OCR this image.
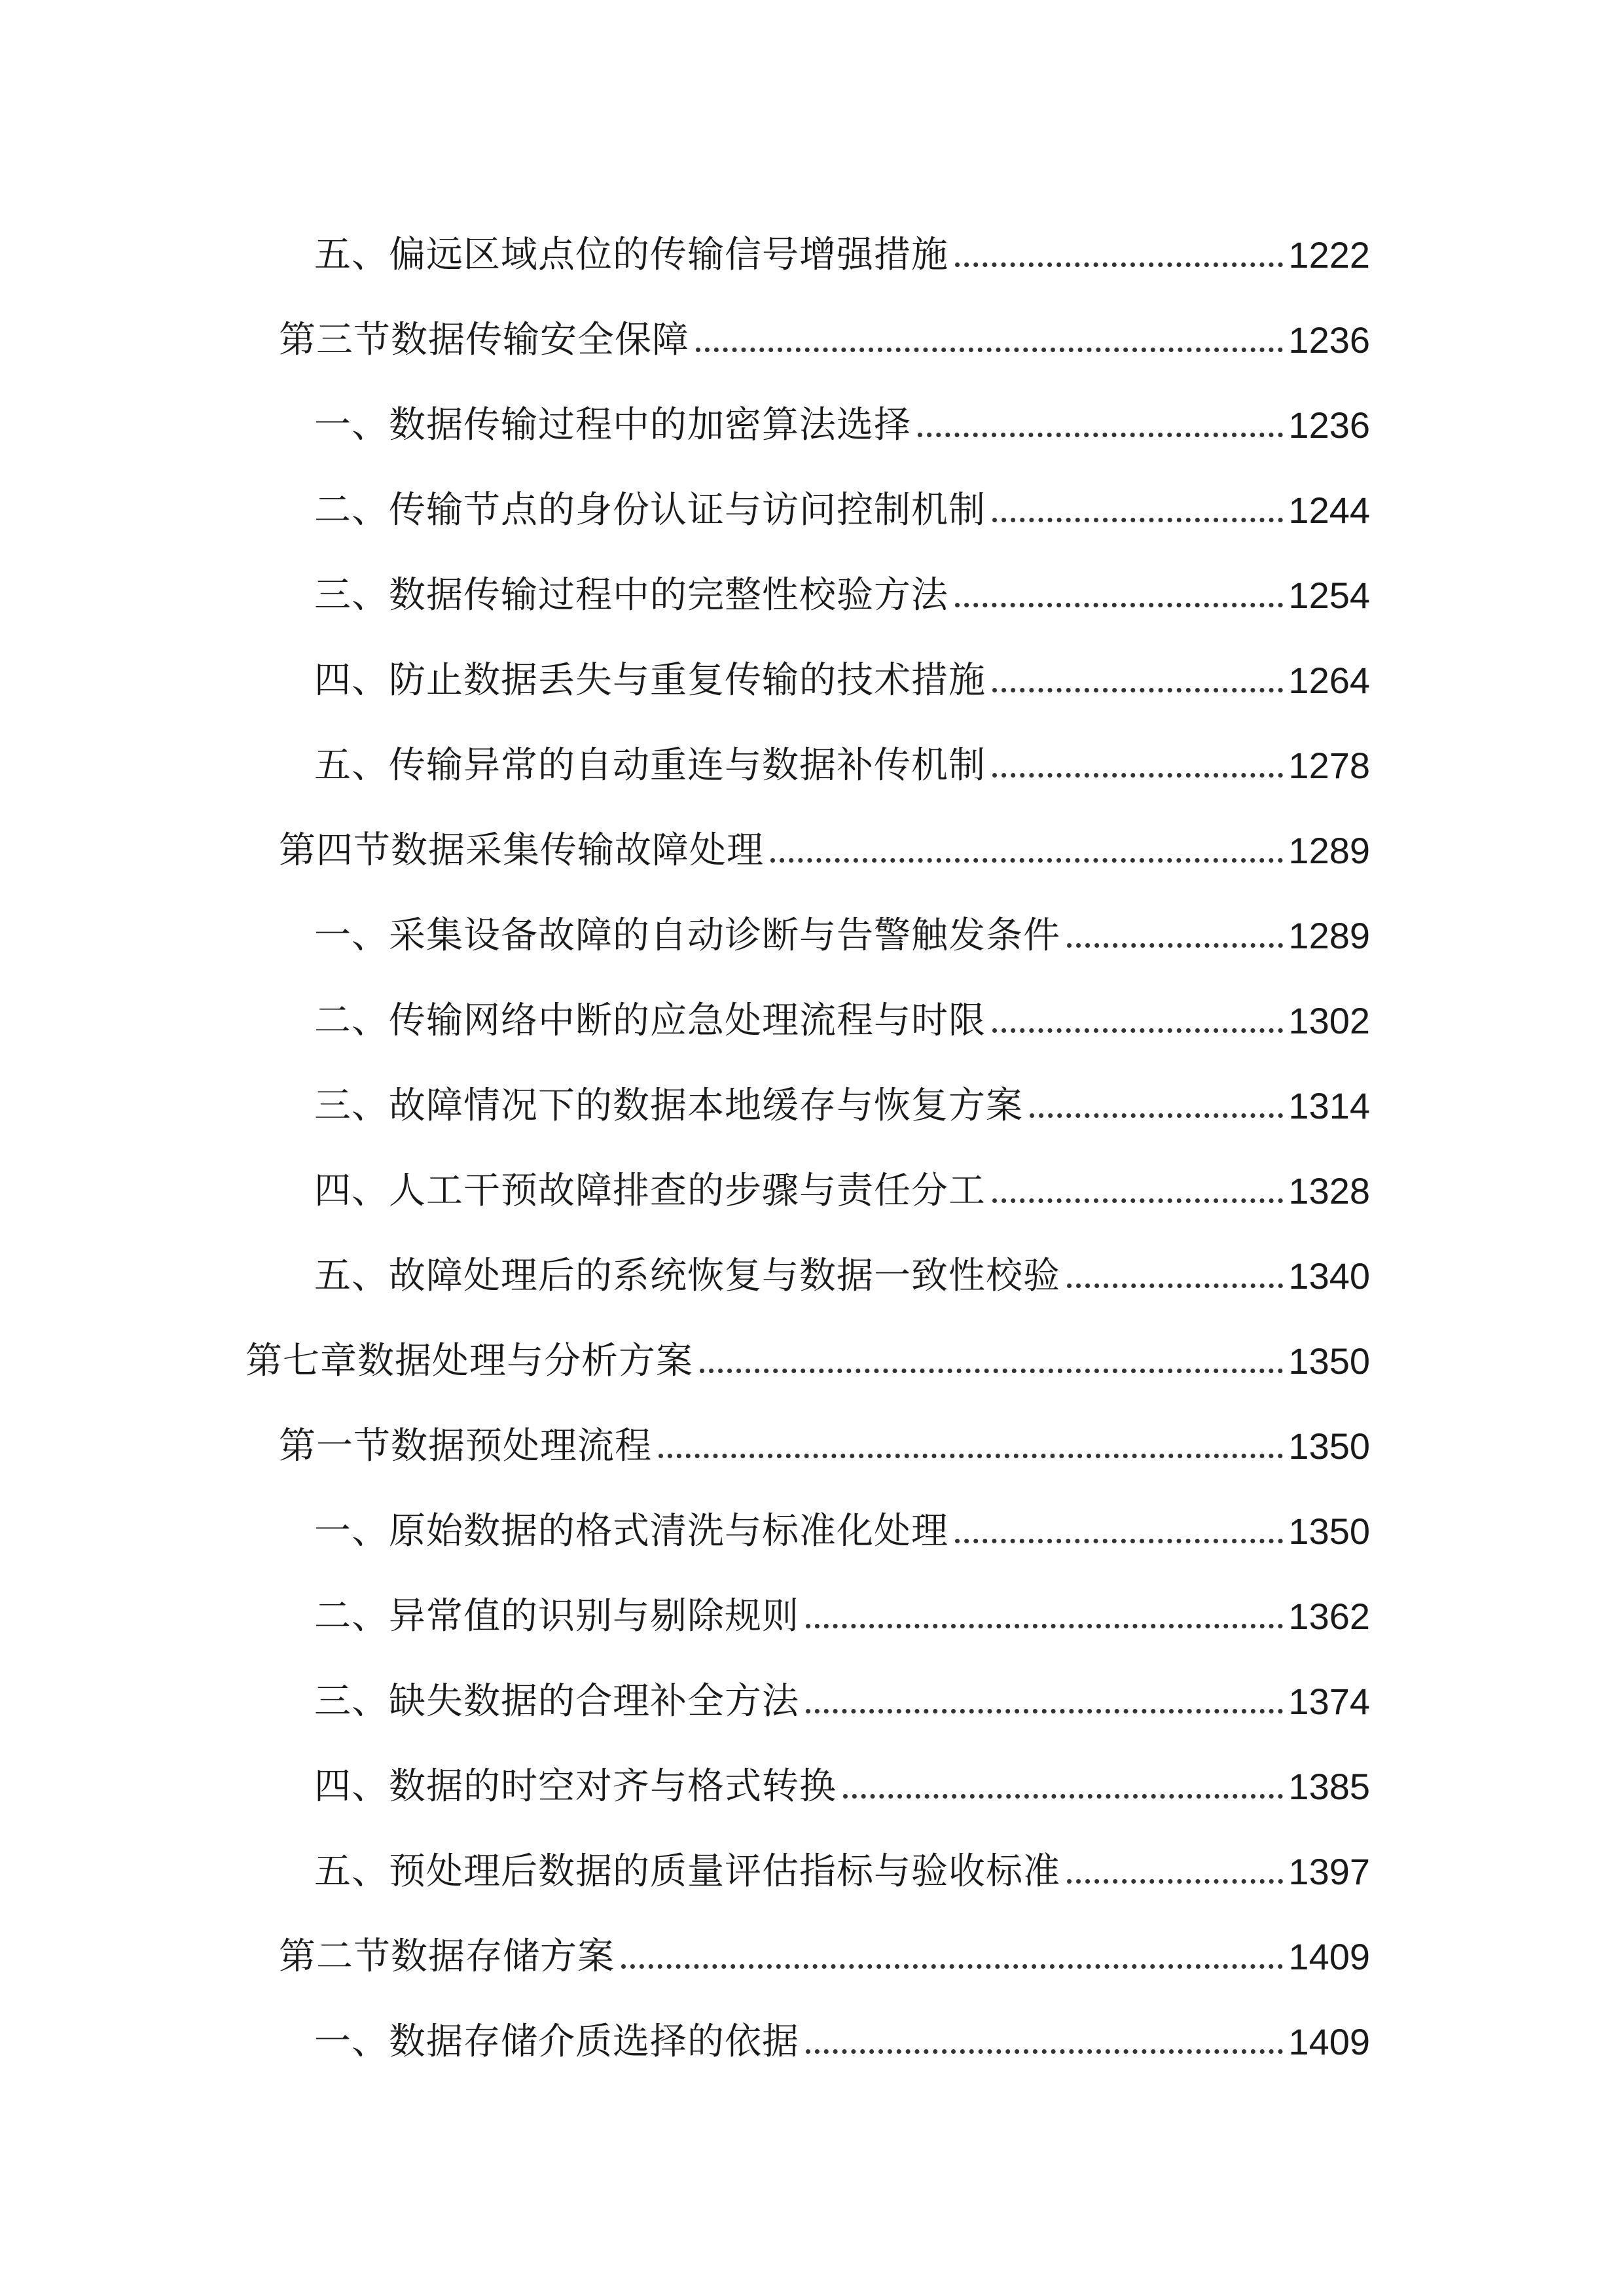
五、偏远区域点位的传输信号增强措施	1222
第三节数据传输安全保障	1236
一、数据传输过程中的加密算法选择	1236
二、传输节点的身份认证与访问控制机制	1244
三、数据传输过程中的完整性校验方法	1254
四、防止数据丢失与重复传输的技术措施	1264
五、传输异常的自动重连与数据补传机制	1278
第四节数据采集传输故障处理	1289
一、采集设备故障的自动诊断与告警触发条件	1289
二、传输网络中断的应急处理流程与时限	1302
三、故障情况下的数据本地缓存与恢复方案	1314
四、人工干预故障排查的步骤与责任分工	1328
五、故障处理后的系统恢复与数据一致性校验	1340
第七章数据处理与分析方案	1350
第一节数据预处理流程	1350
一、原始数据的格式清洗与标准化处理	1350
二、异常值的识别与剔除规则	1362
三、缺失数据的合理补全方法	1374
四、数据的时空对齐与格式转换	1385
五、预处理后数据的质量评估指标与验收标准	1397
第二节数据存储方案	1409
一、数据存储介质选择的依据	1409
